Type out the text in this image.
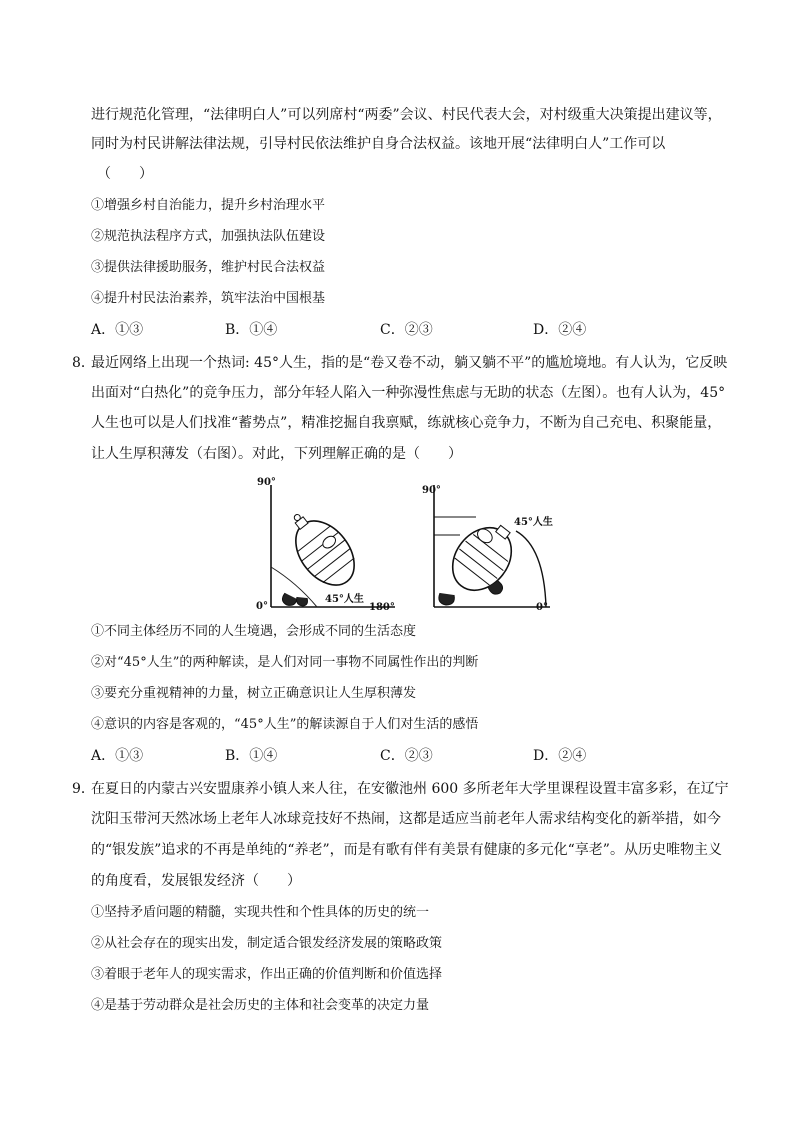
进行规范化管理，“法律明白人”可以列席村“两委”会议、村民代表大会，对村级重大决策提出建议等，
同时为村民讲解法律法规，引导村民依法维护自身合法权益。该地开展“法律明白人”工作可以
（　　）
①增强乡村自治能力，提升乡村治理水平
②规范执法程序方式，加强执法队伍建设
③提供法律援助服务，维护村民合法权益
④提升村民法治素养，筑牢法治中国根基
A．①③	B．①④	C．②③	D．②④
8．
最近网络上出现一个热词: 45°人生，指的是“卷又卷不动，躺又躺不平”的尴尬境地。有人认为，它反映
出面对“白热化”的竞争压力，部分年轻人陷入一种弥漫性焦虑与无助的状态（左图）。也有人认为，45°
人生也可以是人们找准“蓄势点”，精准挖掘自我禀赋，练就核心竞争力，不断为自己充电、积聚能量，
让人生厚积薄发（右图）。对此，下列理解正确的是（　　）
90°
0°	180°
45°人生
90°
0°
45°人生
①不同主体经历不同的人生境遇，会形成不同的生活态度
②对“45°人生”的两种解读，是人们对同一事物不同属性作出的判断
③要充分重视精神的力量，树立正确意识让人生厚积薄发
④意识的内容是客观的，“45°人生”的解读源自于人们对生活的感悟
A．①③	B．①④	C．②③	D．②④
9．
在夏日的内蒙古兴安盟康养小镇人来人往，在安徽池州 600 多所老年大学里课程设置丰富多彩，在辽宁
沈阳玉带河天然冰场上老年人冰球竞技好不热闹，这都是适应当前老年人需求结构变化的新举措，如今
的“银发族”追求的不再是单纯的“养老”，而是有歌有伴有美景有健康的多元化“享老”。从历史唯物主义
的角度看，发展银发经济（　　）
①坚持矛盾问题的精髓，实现共性和个性具体的历史的统一
②从社会存在的现实出发，制定适合银发经济发展的策略政策
③着眼于老年人的现实需求，作出正确的价值判断和价值选择
④是基于劳动群众是社会历史的主体和社会变革的决定力量
